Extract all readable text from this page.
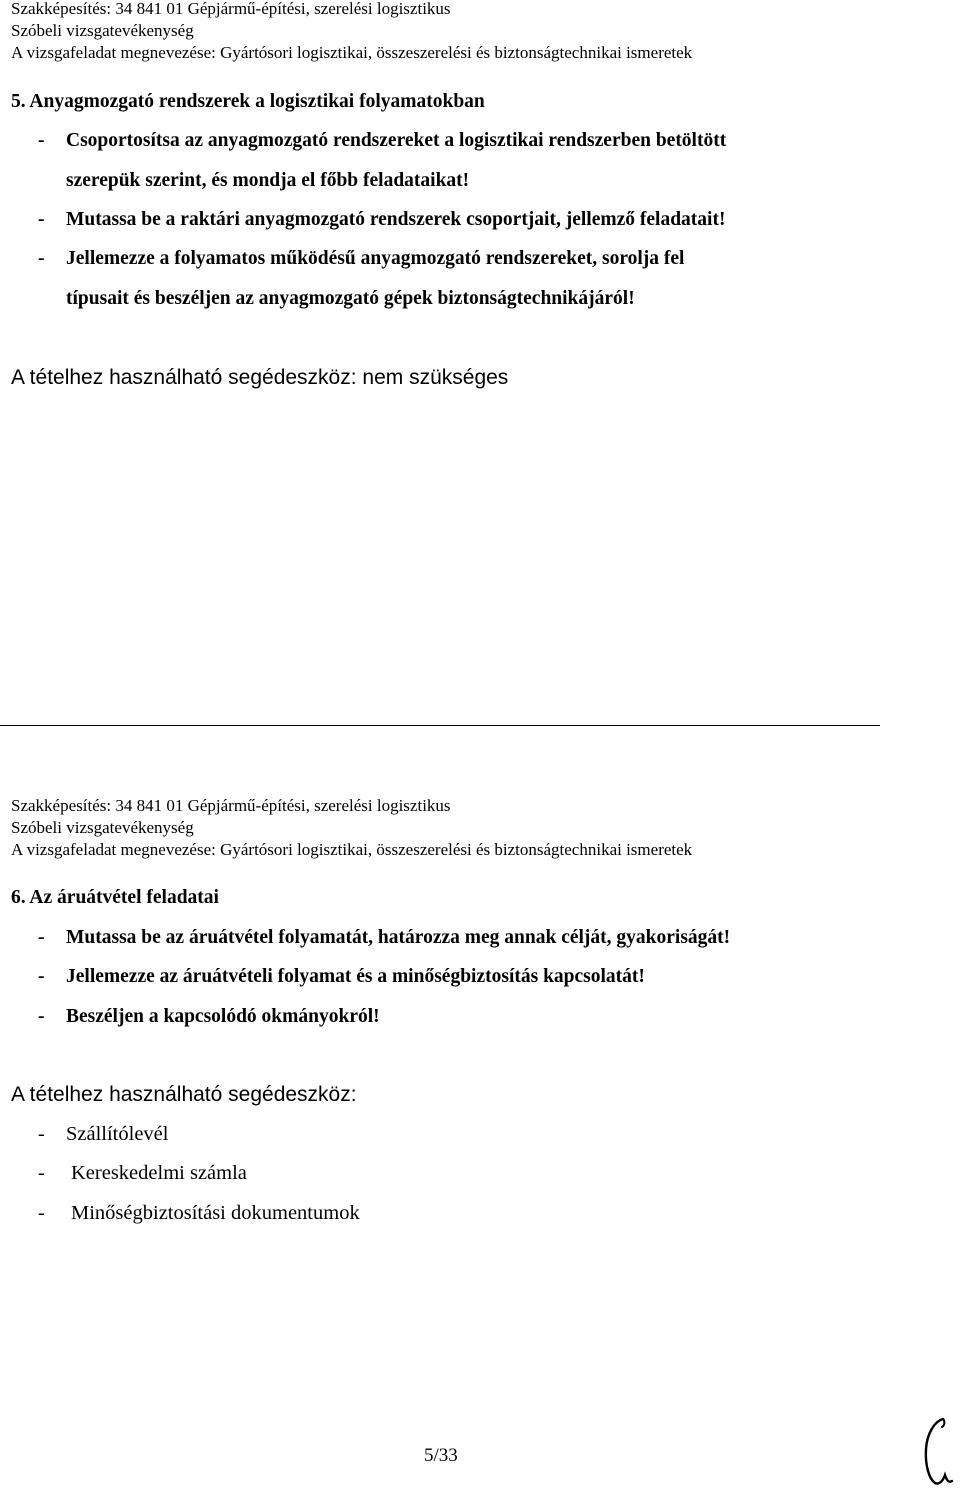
Szakképesítés: 34 841 01 Gépjármű-építési, szerelési logisztikus
Szóbeli vizsgatevékenység
A vizsgafeladat megnevezése: Gyártósori logisztikai, összeszerelési és biztonságtechnikai ismeretek
5. Anyagmozgató rendszerek a logisztikai folyamatokban
-	Csoportosítsa az anyagmozgató rendszereket a logisztikai rendszerben betöltött
szerepük szerint, és mondja el főbb feladataikat!
- Mutassa be a raktári anyagmozgató rendszerek csoportjait, jellemző feladatait!
- Jellemezze a folyamatos működésű anyagmozgató rendszereket, sorolja fel
típusait és beszéljen az anyagmozgató gépek biztonságtechnikájáról!
A tételhez használható segédeszköz: nem szükséges
Szakképesítés: 34 841 01 Gépjármű-építési, szerelési logisztikus
Szóbeli vizsgatevékenység
A vizsgafeladat megnevezése: Gyártósori logisztikai, összeszerelési és biztonságtechnikai ismeretek
6. Az áruátvétel feladatai
- Mutassa be az áruátvétel folyamatát, határozza meg annak célját, gyakoriságát!
- Jellemezze az áruátvételi folyamat és a minőségbiztosítás kapcsolatát!
- Beszéljen a kapcsolódó okmányokról!
A tételhez használható segédeszköz:
- Szállítólevél
- Kereskedelmi számla
- Minőségbiztosítási dokumentumok
5/33
